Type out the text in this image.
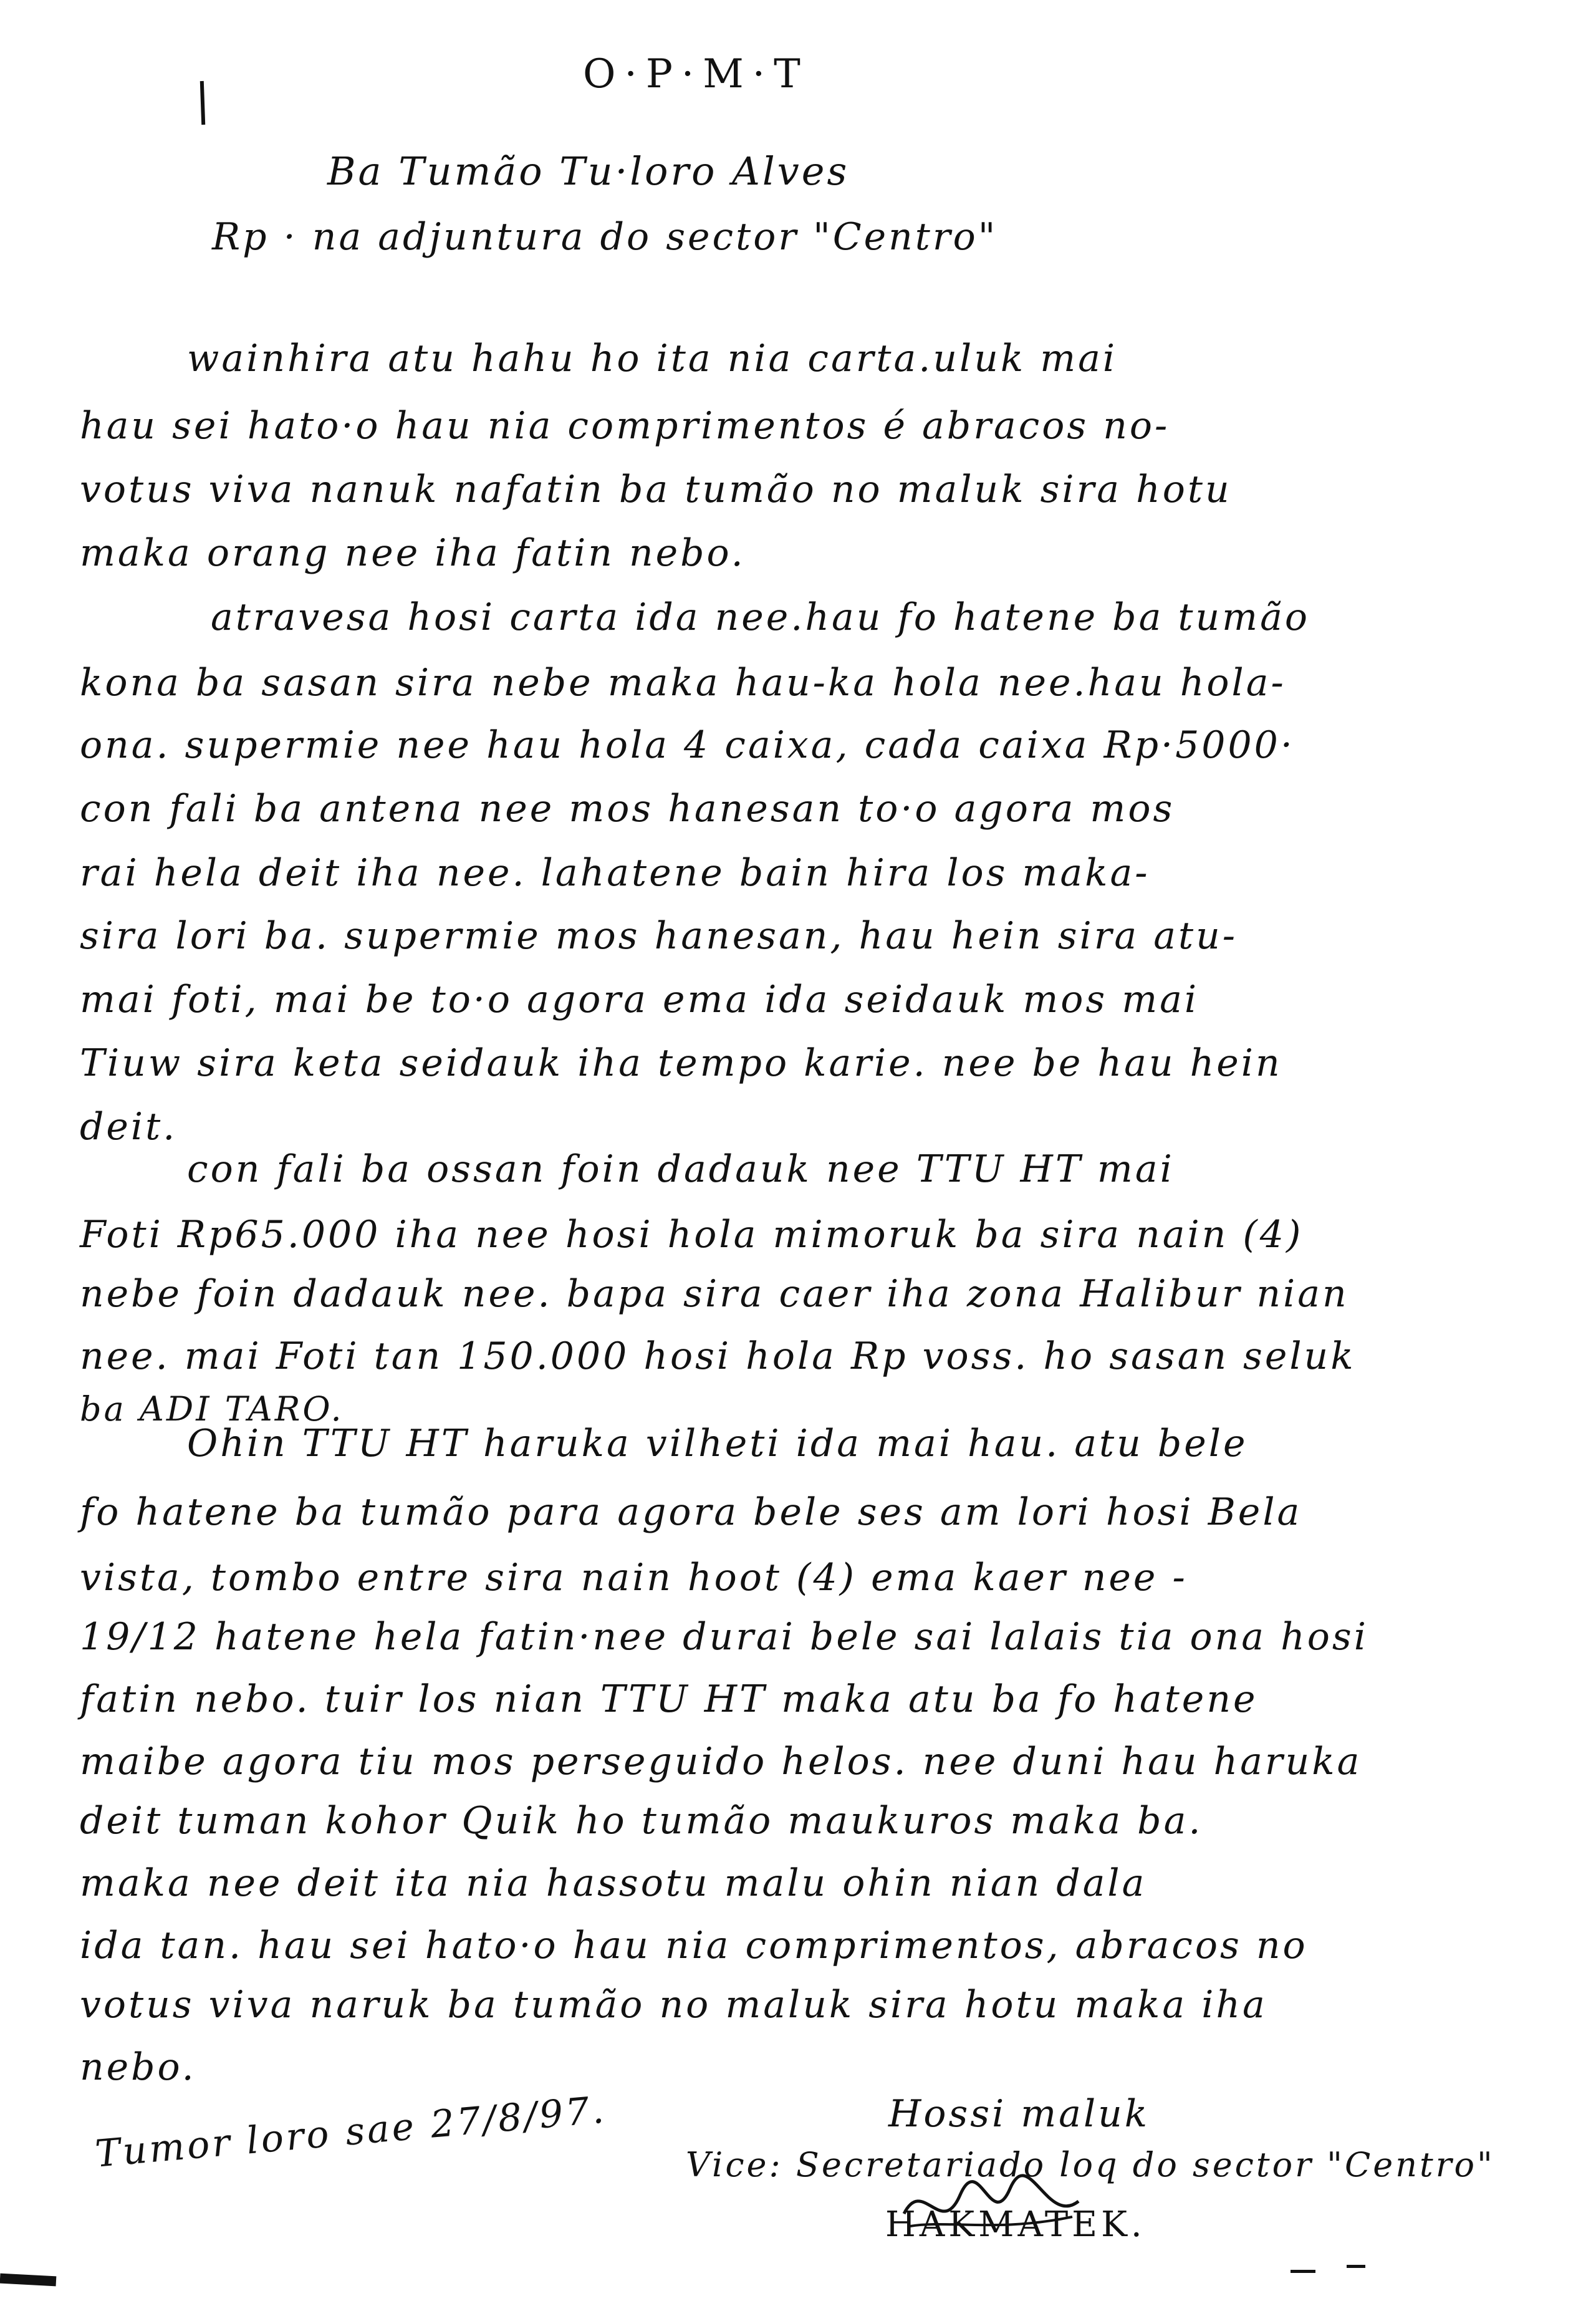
O·P·M·T
Ba Tumão Tu·loro Alves
Rp · na adjuntura do sector "Centro"
wainhira atu hahu ho ita nia carta.uluk mai
hau sei hato·o hau nia comprimentos é abracos no-
votus viva nanuk nafatin ba tumão no maluk sira hotu
maka orang nee iha fatin nebo.
atravesa hosi carta ida nee.hau fo hatene ba tumão
kona ba sasan sira nebe maka hau-ka hola nee.hau hola-
ona. supermie nee hau hola 4 caixa, cada caixa Rp·5000·
con fali ba antena nee mos hanesan to·o agora mos
rai hela deit iha nee. lahatene bain hira los maka-
sira lori ba. supermie mos hanesan, hau hein sira atu-
mai foti, mai be to·o agora ema ida seidauk mos mai
Tiuw sira keta seidauk iha tempo karie. nee be hau hein
deit.
con fali ba ossan foin dadauk nee TTU HT mai
Foti Rp65.000 iha nee hosi hola mimoruk ba sira nain (4)
nebe foin dadauk nee. bapa sira caer iha zona Halibur nian
nee. mai Foti tan 150.000 hosi hola Rp voss. ho sasan seluk
ba ADI TARO.
Ohin TTU HT haruka vilheti ida mai hau. atu bele
fo hatene ba tumão para agora bele ses am lori hosi Bela
vista, tombo entre sira nain hoot (4) ema kaer nee -
19/12 hatene hela fatin·nee durai bele sai lalais tia ona hosi
fatin nebo. tuir los nian TTU HT maka atu ba fo hatene
maibe agora tiu mos perseguido helos. nee duni hau haruka
deit tuman kohor Quik ho tumão maukuros maka ba.
maka nee deit ita nia hassotu malu ohin nian dala
ida tan. hau sei hato·o hau nia comprimentos, abracos no
votus viva naruk ba tumão no maluk sira hotu maka iha
nebo.
Hossi maluk
Tumor loro sae 27/8/97. Vice: Secretariado loq do sector "Centro"
HAKMATEK.
